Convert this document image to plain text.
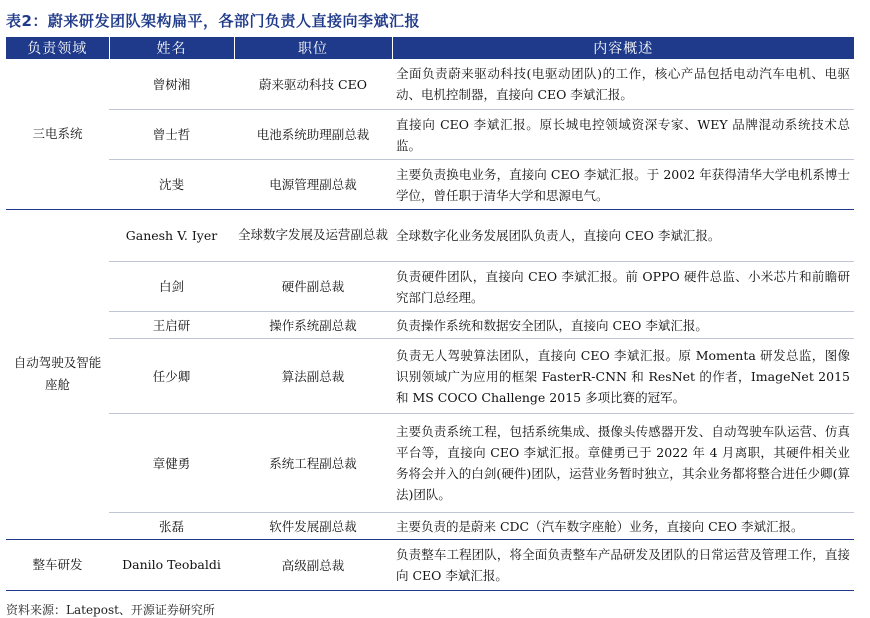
表2：蔚来研发团队架构扁平，各部门负责人直接向李斌汇报
负责领域	姓名	职位	内容概述
三电系统	曾树湘	蔚来驱动科技 CEO	全面负责蔚来驱动科技(电驱动团队)的工作，核心产品包括电动汽车电机、电驱动、电机控制器，直接向 CEO 李斌汇报。
	曾士哲	电池系统助理副总裁	直接向 CEO 李斌汇报。原长城电控领域资深专家、WEY 品牌混动系统技术总监。
	沈斐	电源管理副总裁	主要负责换电业务，直接向 CEO 李斌汇报。于 2002 年获得清华大学电机系博士学位，曾任职于清华大学和思源电气。
自动驾驶及智能座舱	Ganesh V. Iyer	全球数字发展及运营副总裁	全球数字化业务发展团队负责人，直接向 CEO 李斌汇报。
	白剑	硬件副总裁	负责硬件团队，直接向 CEO 李斌汇报。前 OPPO 硬件总监、小米芯片和前瞻研究部门总经理。
	王启研	操作系统副总裁	负责操作系统和数据安全团队，直接向 CEO 李斌汇报。
	任少卿	算法副总裁	负责无人驾驶算法团队，直接向 CEO 李斌汇报。原 Momenta 研发总监，图像识别领域广为应用的框架 FasterR-CNN 和 ResNet 的作者，ImageNet 2015 和 MS COCO Challenge 2015 多项比赛的冠军。
	章健勇	系统工程副总裁	主要负责系统工程，包括系统集成、摄像头传感器开发、自动驾驶车队运营、仿真平台等，直接向 CEO 李斌汇报。章健勇已于 2022 年 4 月离职，其硬件相关业务将会并入的白剑(硬件)团队，运营业务暂时独立，其余业务都将整合进任少卿(算法)团队。
	张磊	软件发展副总裁	主要负责的是蔚来 CDC（汽车数字座舱）业务，直接向 CEO 李斌汇报。
整车研发	Danilo Teobaldi	高级副总裁	负责整车工程团队，将全面负责整车产品研发及团队的日常运营及管理工作，直接向 CEO 李斌汇报。
资料来源：Latepost、开源证券研究所
